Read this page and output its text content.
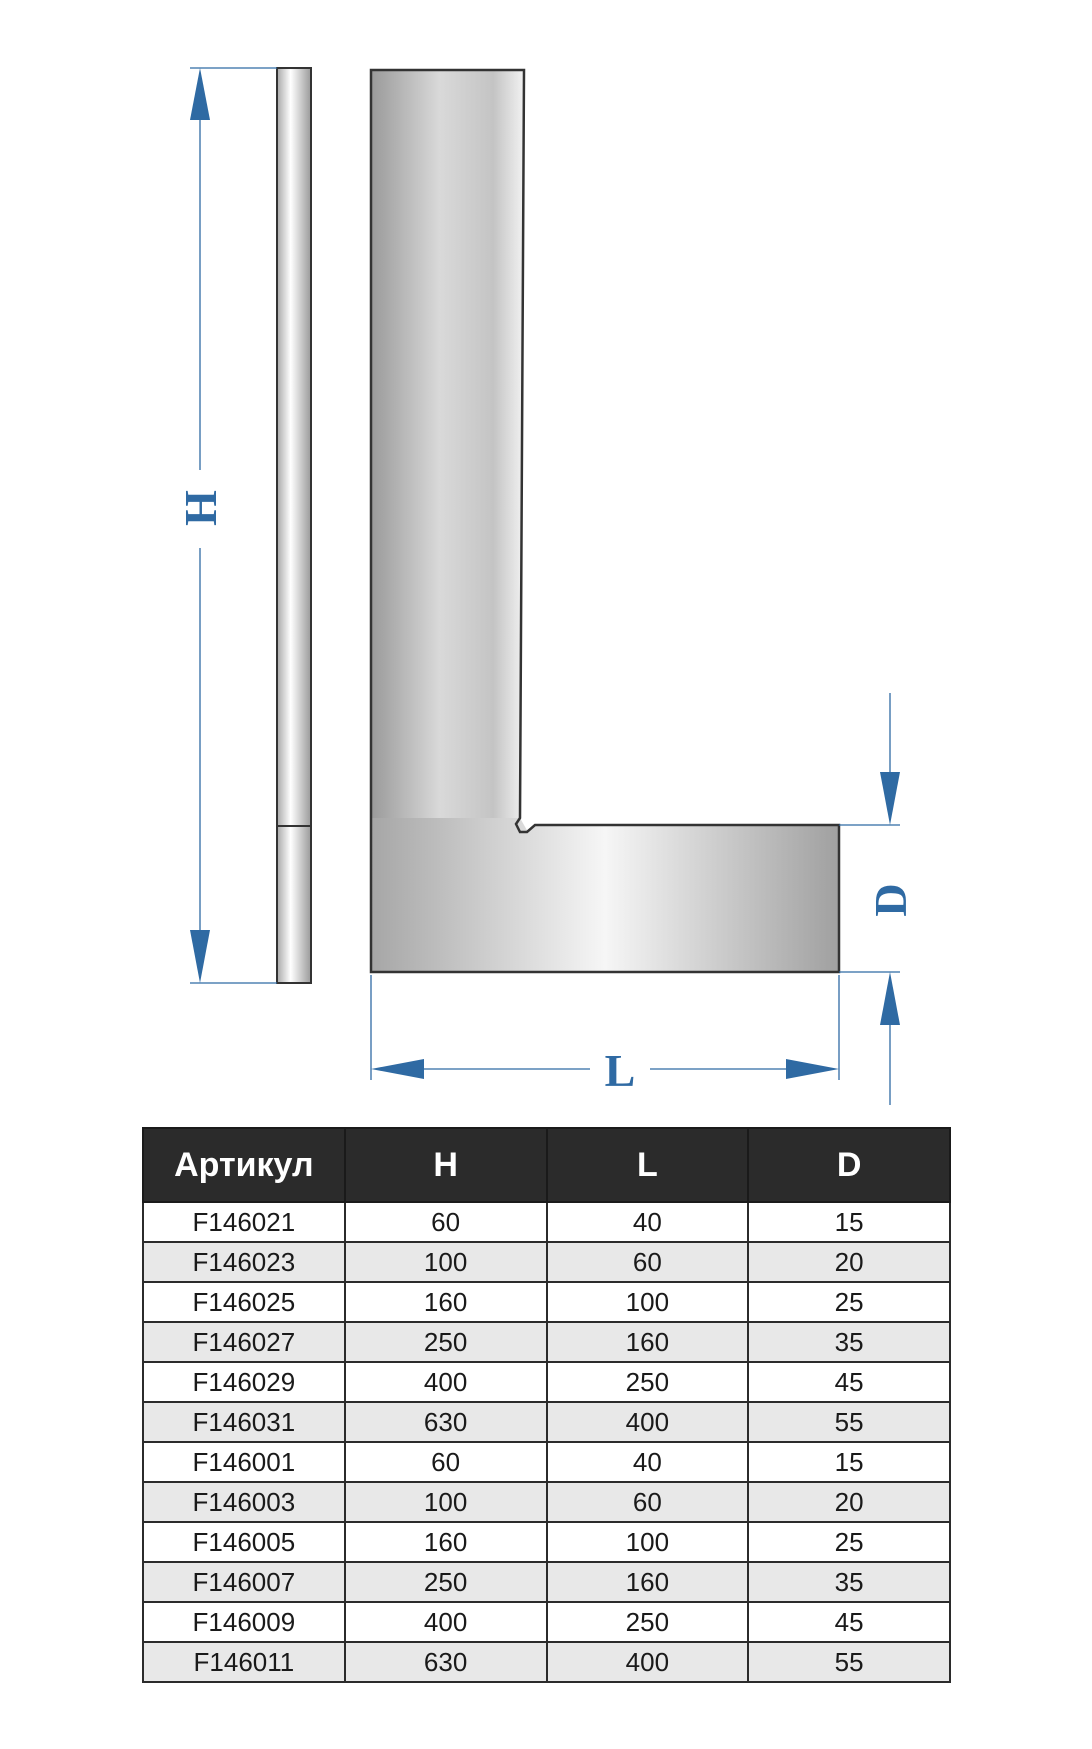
H
L
D
Артикул	H	L	D
F146021	60	40	15
F146023	100	60	20
F146025	160	100	25
F146027	250	160	35
F146029	400	250	45
F146031	630	400	55
F146001	60	40	15
F146003	100	60	20
F146005	160	100	25
F146007	250	160	35
F146009	400	250	45
F146011	630	400	55
